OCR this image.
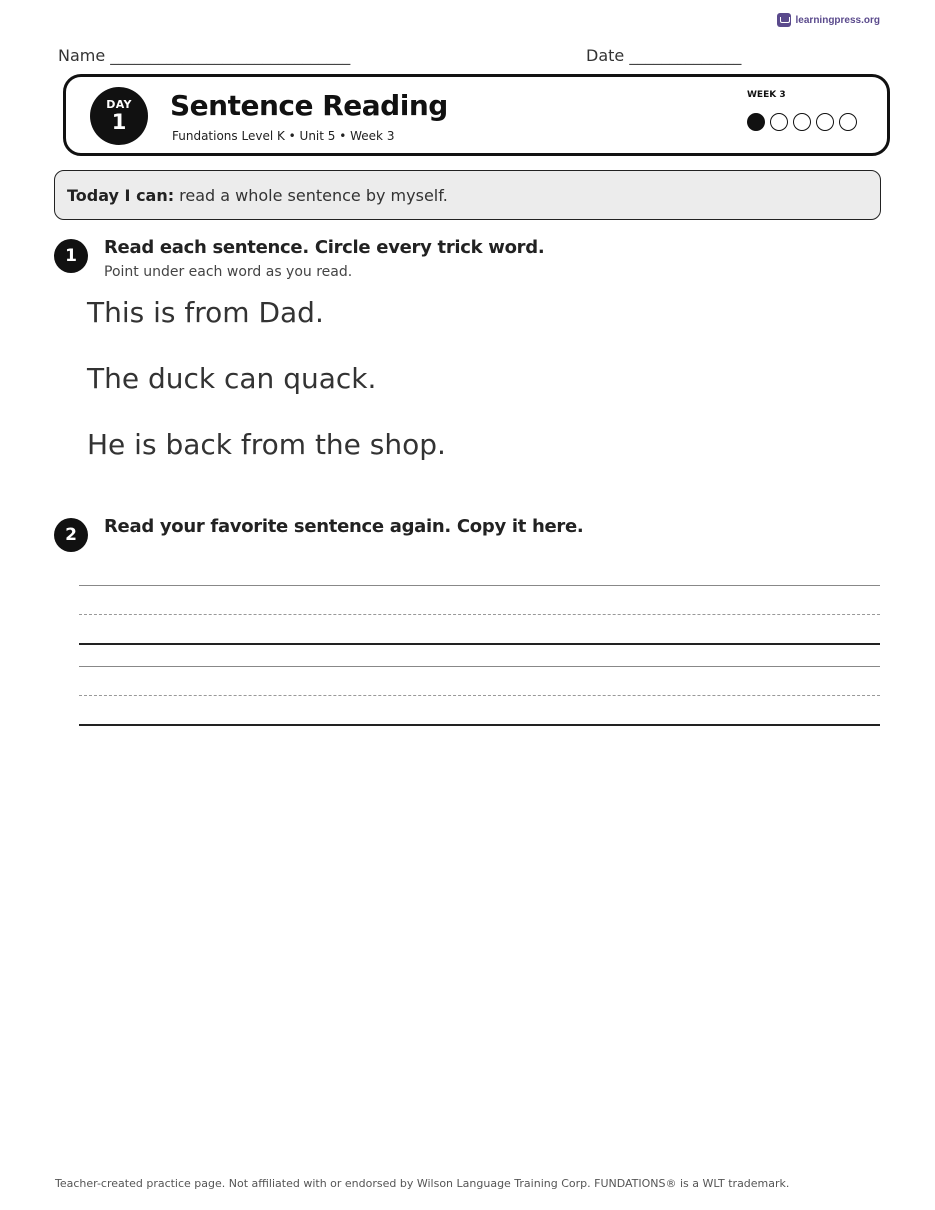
learningpress.org
Name ______________________________	Date ______________
DAY
1	Sentence Reading
Fundations Level K • Unit 5 • Week 3
WEEK 3
Today I can: read a whole sentence by myself.
1	Read each sentence. Circle every trick word.
Point under each word as you read.
This is from Dad.
The duck can quack.
He is back from the shop.
2	Read your favorite sentence again. Copy it here.
Teacher-created practice page. Not affiliated with or endorsed by Wilson Language Training Corp. FUNDATIONS® is a WLT trademark.
